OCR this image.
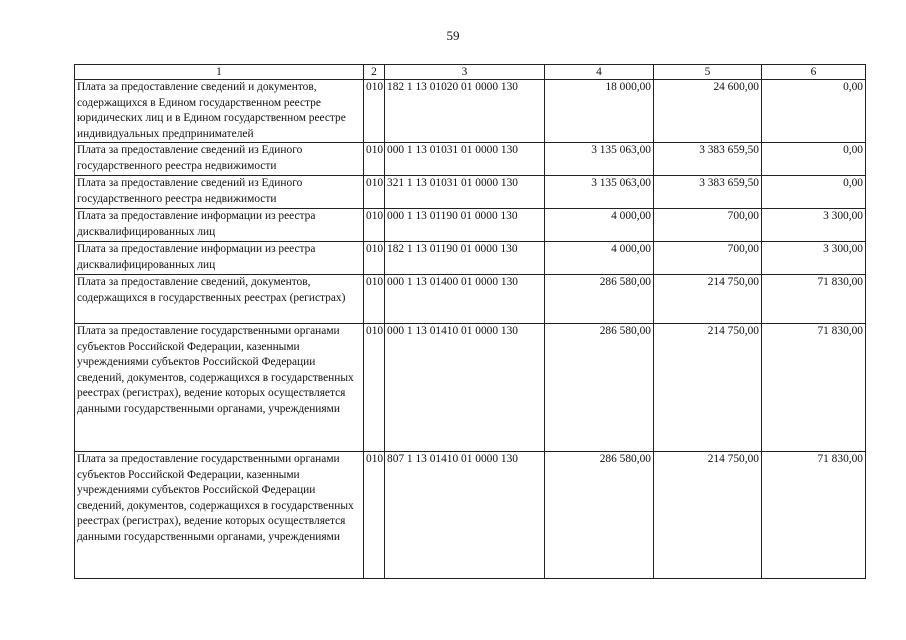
59
1	2	3	4	5	6
Плата за предоставление сведений и документов, содержащихся в Едином государственном реестре юридических лиц и в Едином государственном реестре индивидуальных предпринимателей	010	182 1 13 01020 01 0000 130	18 000,00	24 600,00	0,00
Плата за предоставление сведений из Единого государственного реестра недвижимости	010	000 1 13 01031 01 0000 130	3 135 063,00	3 383 659,50	0,00
Плата за предоставление сведений из Единого государственного реестра недвижимости	010	321 1 13 01031 01 0000 130	3 135 063,00	3 383 659,50	0,00
Плата за предоставление информации из реестра дисквалифицированных лиц	010	000 1 13 01190 01 0000 130	4 000,00	700,00	3 300,00
Плата за предоставление информации из реестра дисквалифицированных лиц	010	182 1 13 01190 01 0000 130	4 000,00	700,00	3 300,00
Плата за предоставление сведений, документов, содержащихся в государственных реестрах (регистрах)	010	000 1 13 01400 01 0000 130	286 580,00	214 750,00	71 830,00
Плата за предоставление государственными органами субъектов Российской Федерации, казенными учреждениями субъектов Российской Федерации сведений, документов, содержащихся в государственных реестрах (регистрах), ведение которых осуществляется данными государственными органами, учреждениями	010	000 1 13 01410 01 0000 130	286 580,00	214 750,00	71 830,00
Плата за предоставление государственными органами субъектов Российской Федерации, казенными учреждениями субъектов Российской Федерации сведений, документов, содержащихся в государственных реестрах (регистрах), ведение которых осуществляется данными государственными органами, учреждениями	010	807 1 13 01410 01 0000 130	286 580,00	214 750,00	71 830,00
